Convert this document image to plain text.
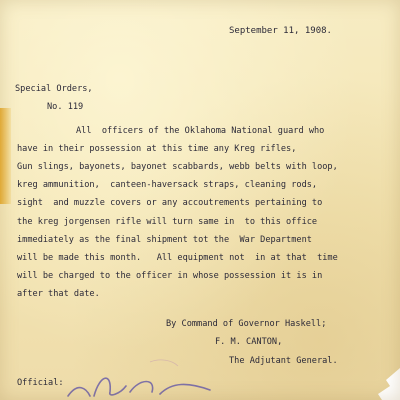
September 11, 1908.
Special Orders,
No. 119
All  officers of the Oklahoma National guard who
have in their possession at this time any Kreg rifles,
Gun slings, bayonets, bayonet scabbards, webb belts with loop,
kreg ammunition,  canteen-haversack straps, cleaning rods,
sight  and muzzle covers or any accoutrements pertaining to
the kreg jorgensen rifle will turn same in  to this office
immediately as the final shipment tot the  War Department
will be made this month.   All equipment not  in at that  time
will be charged to the officer in whose possession it is in
after that date.
By Command of Governor Haskell;
F. M. CANTON,
The Adjutant General.
Official:
